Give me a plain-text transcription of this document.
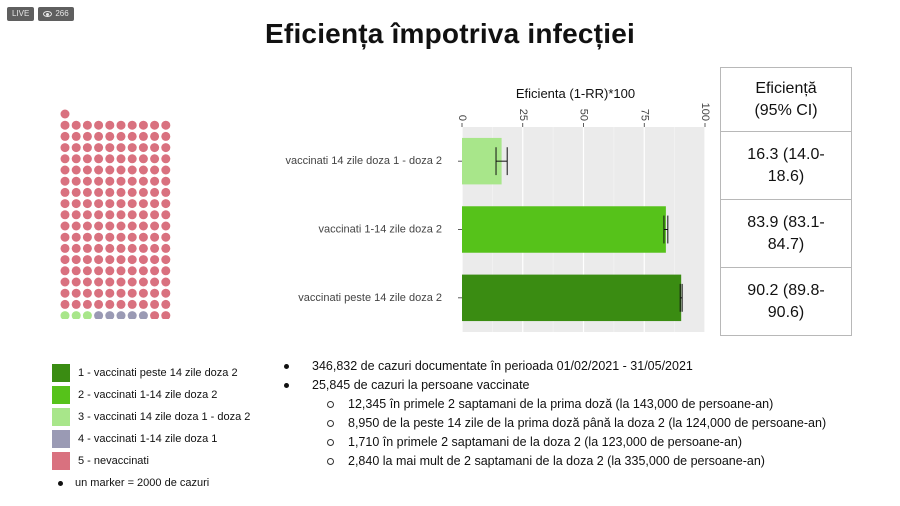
LIVE	266
Eficiența împotriva infecției
1 - vaccinati peste 14 zile doza 2
2 - vaccinati 1-14 zile doza 2
3 - vaccinati 14 zile doza 1 - doza 2
4 - vaccinati 1-14 zile doza 1
5 - nevaccinati
un marker = 2000 de cazuri
0	25	50	75	100
Eficienta (1-RR)*100
vaccinati 14 zile doza 1 - doza 2
vaccinati 1-14 zile doza 2
vaccinati peste 14 zile doza 2
Eficiență
(95% CI)
16.3 (14.0-
18.6)
83.9 (83.1-
84.7)
90.2 (89.8-
90.6)
346,832 de cazuri documentate în perioada 01/02/2021 - 31/05/2021
25,845 de cazuri la persoane vaccinate
12,345 în primele 2 saptamani de la prima doză (la 143,000 de persoane-an)
8,950 de la peste 14 zile de la prima doză până la doza 2 (la 124,000 de persoane-an)
1,710 în primele 2 saptamani de la doza 2 (la 123,000 de persoane-an)
2,840 la mai mult de 2 saptamani de la doza 2 (la 335,000 de persoane-an)
